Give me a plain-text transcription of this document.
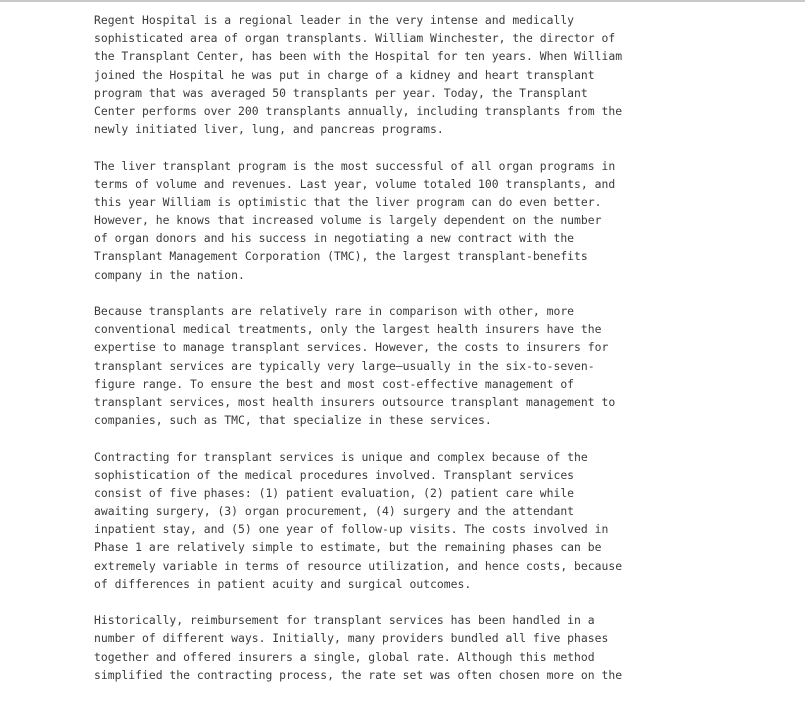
Regent Hospital is a regional leader in the very intense and medically
sophisticated area of organ transplants. William Winchester, the director of
the Transplant Center, has been with the Hospital for ten years. When William
joined the Hospital he was put in charge of a kidney and heart transplant
program that was averaged 50 transplants per year. Today, the Transplant
Center performs over 200 transplants annually, including transplants from the
newly initiated liver, lung, and pancreas programs.
The liver transplant program is the most successful of all organ programs in
terms of volume and revenues. Last year, volume totaled 100 transplants, and
this year William is optimistic that the liver program can do even better.
However, he knows that increased volume is largely dependent on the number
of organ donors and his success in negotiating a new contract with the
Transplant Management Corporation (TMC), the largest transplant-benefits
company in the nation.
Because transplants are relatively rare in comparison with other, more
conventional medical treatments, only the largest health insurers have the
expertise to manage transplant services. However, the costs to insurers for
transplant services are typically very large—usually in the six-to-seven-
figure range. To ensure the best and most cost-effective management of
transplant services, most health insurers outsource transplant management to
companies, such as TMC, that specialize in these services.
Contracting for transplant services is unique and complex because of the
sophistication of the medical procedures involved. Transplant services
consist of five phases: (1) patient evaluation, (2) patient care while
awaiting surgery, (3) organ procurement, (4) surgery and the attendant
inpatient stay, and (5) one year of follow-up visits. The costs involved in
Phase 1 are relatively simple to estimate, but the remaining phases can be
extremely variable in terms of resource utilization, and hence costs, because
of differences in patient acuity and surgical outcomes.
Historically, reimbursement for transplant services has been handled in a
number of different ways. Initially, many providers bundled all five phases
together and offered insurers a single, global rate. Although this method
simplified the contracting process, the rate set was often chosen more on the
